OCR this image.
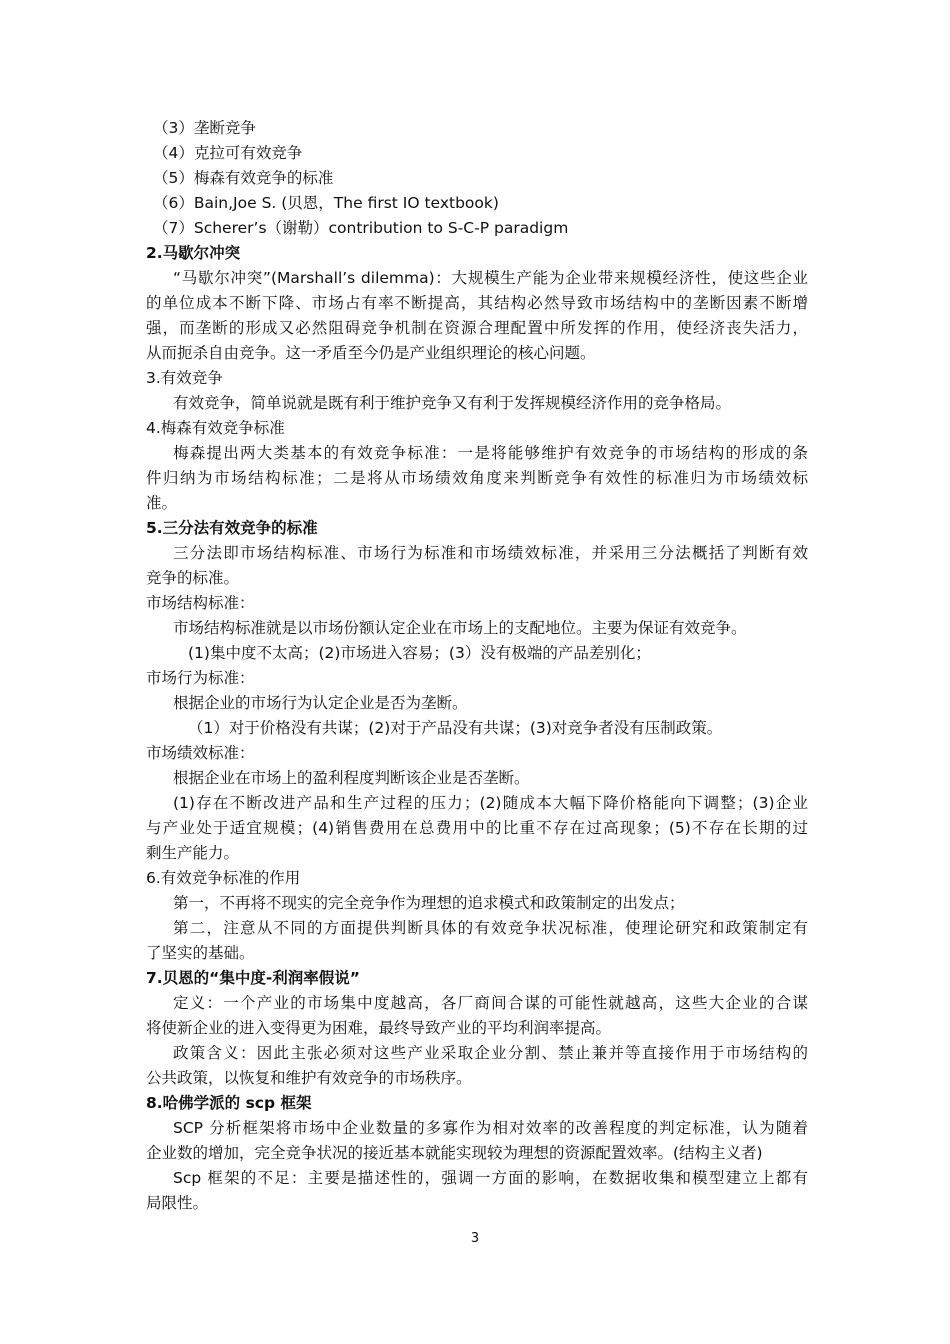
（3）垄断竞争
（4）克拉可有效竞争
（5）梅森有效竞争的标准
（6）Bain,Joe S. (贝恩，The first IO textbook)
（7）Scherer’s（谢勒）contribution to S-C-P paradigm
2.马歇尔冲突
“马歇尔冲突”(Marshall’s dilemma)：大规模生产能为企业带来规模经济性，使这些企业
的单位成本不断下降、市场占有率不断提高，其结构必然导致市场结构中的垄断因素不断增
强，而垄断的形成又必然阻碍竞争机制在资源合理配置中所发挥的作用，使经济丧失活力，
从而扼杀自由竞争。这一矛盾至今仍是产业组织理论的核心问题。
3.有效竞争
有效竞争，简单说就是既有利于维护竞争又有利于发挥规模经济作用的竞争格局。
4.梅森有效竞争标准
梅森提出两大类基本的有效竞争标准：一是将能够维护有效竞争的市场结构的形成的条
件归纳为市场结构标准；二是将从市场绩效角度来判断竞争有效性的标准归为市场绩效标
准。
5.三分法有效竞争的标准
三分法即市场结构标准、市场行为标准和市场绩效标准，并采用三分法概括了判断有效
竞争的标准。
市场结构标准：
市场结构标准就是以市场份额认定企业在市场上的支配地位。主要为保证有效竞争。
(1)集中度不太高；(2)市场进入容易；(3）没有极端的产品差别化；
市场行为标准：
根据企业的市场行为认定企业是否为垄断。
（1）对于价格没有共谋；(2)对于产品没有共谋；(3)对竞争者没有压制政策。
市场绩效标准：
根据企业在市场上的盈利程度判断该企业是否垄断。
(1)存在不断改进产品和生产过程的压力；(2)随成本大幅下降价格能向下调整；(3)企业
与产业处于适宜规模；(4)销售费用在总费用中的比重不存在过高现象；(5)不存在长期的过
剩生产能力。
6.有效竞争标准的作用
第一，不再将不现实的完全竞争作为理想的追求模式和政策制定的出发点；
第二，注意从不同的方面提供判断具体的有效竞争状况标准，使理论研究和政策制定有
了坚实的基础。
7.贝恩的“集中度-利润率假说”
定义：一个产业的市场集中度越高，各厂商间合谋的可能性就越高，这些大企业的合谋
将使新企业的进入变得更为困难，最终导致产业的平均利润率提高。
政策含义：因此主张必须对这些产业采取企业分割、禁止兼并等直接作用于市场结构的
公共政策，以恢复和维护有效竞争的市场秩序。
8.哈佛学派的 scp 框架
SCP 分析框架将市场中企业数量的多寡作为相对效率的改善程度的判定标准，认为随着
企业数的增加，完全竞争状况的接近基本就能实现较为理想的资源配置效率。(结构主义者)
Scp 框架的不足：主要是描述性的，强调一方面的影响，在数据收集和模型建立上都有
局限性。
3
